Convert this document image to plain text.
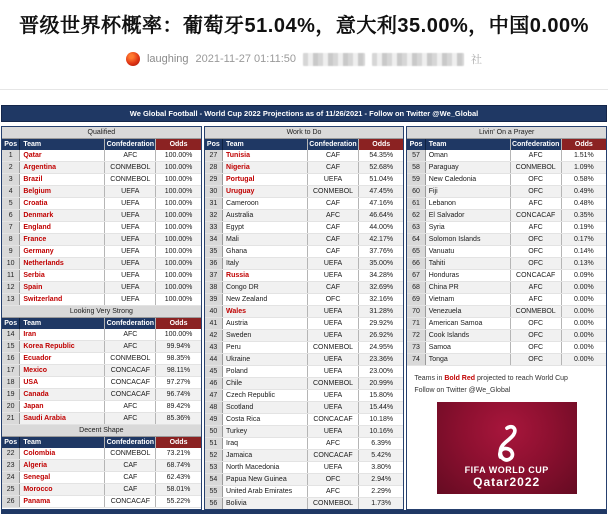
晋级世界杯概率：葡萄牙51.04%，意大利35.00%，中国0.00%
laughing 2021-11-27 01:11:50	社
We Global Football - World Cup 2022 Projections as of 11/26/2021 - Follow on Twitter @We_Global
Qualified
Pos Team	Confederation	Odds
1	Qatar	AFC	100.00%
2	Argentina	CONMEBOL	100.00%
3	Brazil	CONMEBOL	100.00%
4	Belgium	UEFA	100.00%
5	Croatia	UEFA	100.00%
6	Denmark	UEFA	100.00%
7	England	UEFA	100.00%
8	France	UEFA	100.00%
9	Germany	UEFA	100.00%
10	Netherlands	UEFA	100.00%
11	Serbia	UEFA	100.00%
12	Spain	UEFA	100.00%
13	Switzerland	UEFA	100.00%
Looking Very Strong
Pos Team	Confederation	Odds
14	Iran	AFC	100.00%
15	Korea Republic	AFC	99.94%
16	Ecuador	CONMEBOL	98.35%
17	Mexico	CONCACAF	98.11%
18	USA	CONCACAF	97.27%
19	Canada	CONCACAF	96.74%
20	Japan	AFC	89.42%
21	Saudi Arabia	AFC	85.36%
Decent Shape
Pos Team	Confederation	Odds
22	Colombia	CONMEBOL	73.21%
23	Algeria	CAF	68.74%
24	Senegal	CAF	62.43%
25	Morocco	CAF	58.01%
26	Panama	CONCACAF	55.22%
Work to Do
Pos Team	Confederation	Odds
27	Tunisia	CAF	54.35%
28	Nigeria	CAF	52.68%
29	Portugal	UEFA	51.04%
30	Uruguay	CONMEBOL	47.45%
31	Cameroon	CAF	47.16%
32	Australia	AFC	46.64%
33	Egypt	CAF	44.00%
34	Mali	CAF	42.17%
35	Ghana	CAF	37.76%
36	Italy	UEFA	35.00%
37	Russia	UEFA	34.28%
38	Congo DR	CAF	32.69%
39	New Zealand	OFC	32.16%
40	Wales	UEFA	31.28%
41	Austria	UEFA	29.92%
42	Sweden	UEFA	26.92%
43	Peru	CONMEBOL	24.95%
44	Ukraine	UEFA	23.36%
45	Poland	UEFA	23.00%
46	Chile	CONMEBOL	20.99%
47	Czech Republic	UEFA	15.80%
48	Scotland	UEFA	15.44%
49	Costa Rica	CONCACAF	10.18%
50	Turkey	UEFA	10.16%
51	Iraq	AFC	6.39%
52	Jamaica	CONCACAF	5.42%
53	North Macedonia	UEFA	3.80%
54	Papua New Guinea	OFC	2.94%
55	United Arab Emirates	AFC	2.29%
56	Bolivia	CONMEBOL	1.73%
Livin' On a Prayer
Pos Team	Confederation	Odds
57	Oman	AFC	1.51%
58	Paraguay	CONMEBOL	1.09%
59	New Caledonia	OFC	0.58%
60	Fiji	OFC	0.49%
61	Lebanon	AFC	0.48%
62	El Salvador	CONCACAF	0.35%
63	Syria	AFC	0.19%
64	Solomon Islands	OFC	0.17%
65	Vanuatu	OFC	0.14%
66	Tahiti	OFC	0.13%
67	Honduras	CONCACAF	0.09%
68	China PR	AFC	0.00%
69	Vietnam	AFC	0.00%
70	Venezuela	CONMEBOL	0.00%
71	American Samoa	OFC	0.00%
72	Cook Islands	OFC	0.00%
73	Samoa	OFC	0.00%
74	Tonga	OFC	0.00%
Teams in Bold Red projected to reach World Cup
Follow on Twitter @We_Global
FIFA WORLD CUP
Qatar2022
